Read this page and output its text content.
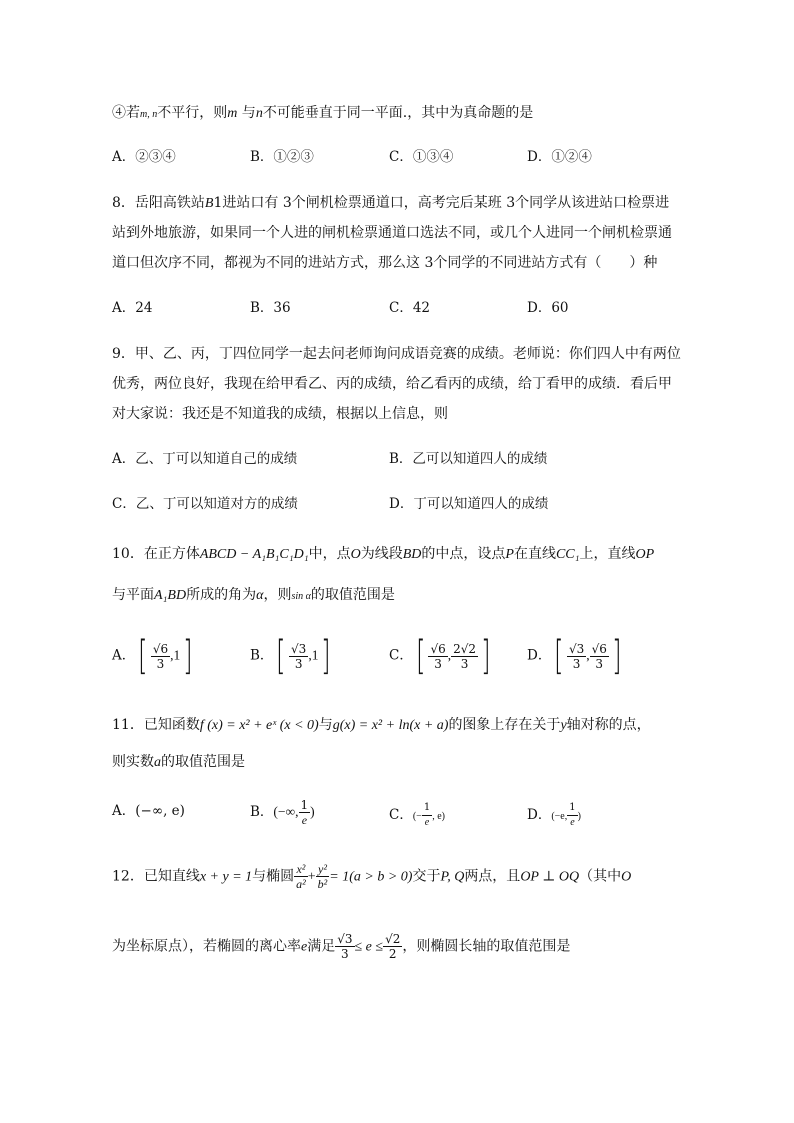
④若m, n不平行，则m 与n不可能垂直于同一平面.，其中为真命题的是
A．②③④	B．①②③	C．①③④	D．①②④
8．岳阳高铁站B1进站口有 3个闸机检票通道口，高考完后某班 3个同学从该进站口检票进
站到外地旅游，如果同一个人进的闸机检票通道口选法不同，或几个人进同一个闸机检票通
道口但次序不同，都视为不同的进站方式，那么这 3个同学的不同进站方式有（　　）种
A．24	B．36	C．42	D．60
9．甲、乙、丙，丁四位同学一起去问老师询问成语竞赛的成绩。老师说：你们四人中有两位
优秀，两位良好，我现在给甲看乙、丙的成绩，给乙看丙的成绩，给丁看甲的成绩．看后甲
对大家说：我还是不知道我的成绩，根据以上信息，则
A．乙、丁可以知道自己的成绩	B．乙可以知道四人的成绩
C．乙、丁可以知道对方的成绩	D．丁可以知道四人的成绩
10．在正方体ABCD − A₁B₁C₁D₁中，点O为线段BD的中点，设点P在直线CC₁上，直线OP
与平面A₁BD所成的角为α，则sin α的取值范围是
A．[ $\frac{√6}{3} ,1$]	B．[ $\frac{√3}{3} ,1$]	C．[ $\frac{√6}{3}$ , $\frac{2√2}{3}$ ]	D．[ $\frac{√3}{3}$ , $\frac{√6}{3}$ ]
11．已知函数f (x) = x² + eˣ (x < 0)与g(x) = x² + ln(x + a)的图象上存在关于y轴对称的点，
则实数a的取值范围是
A．(−∞, e)	B．(−∞, $\frac{1}{e}$ )	C．(− $\frac{1}{e}$ , e)	D．(−e, $\frac{1}{e}$ )
12．已知直线x + y = 1与椭圆 $\frac{\text{x²}}{\text{a²}} + \frac{\text{y²}}{\text{b²}} = 1(a > b > 0)$交于P, Q两点，且OP ⊥ OQ（其中O
为坐标原点），若椭圆的离心率e满足 $\frac{√3}{3} \le e \le \frac{√2}{2}$ ，则椭圆长轴的取值范围是
